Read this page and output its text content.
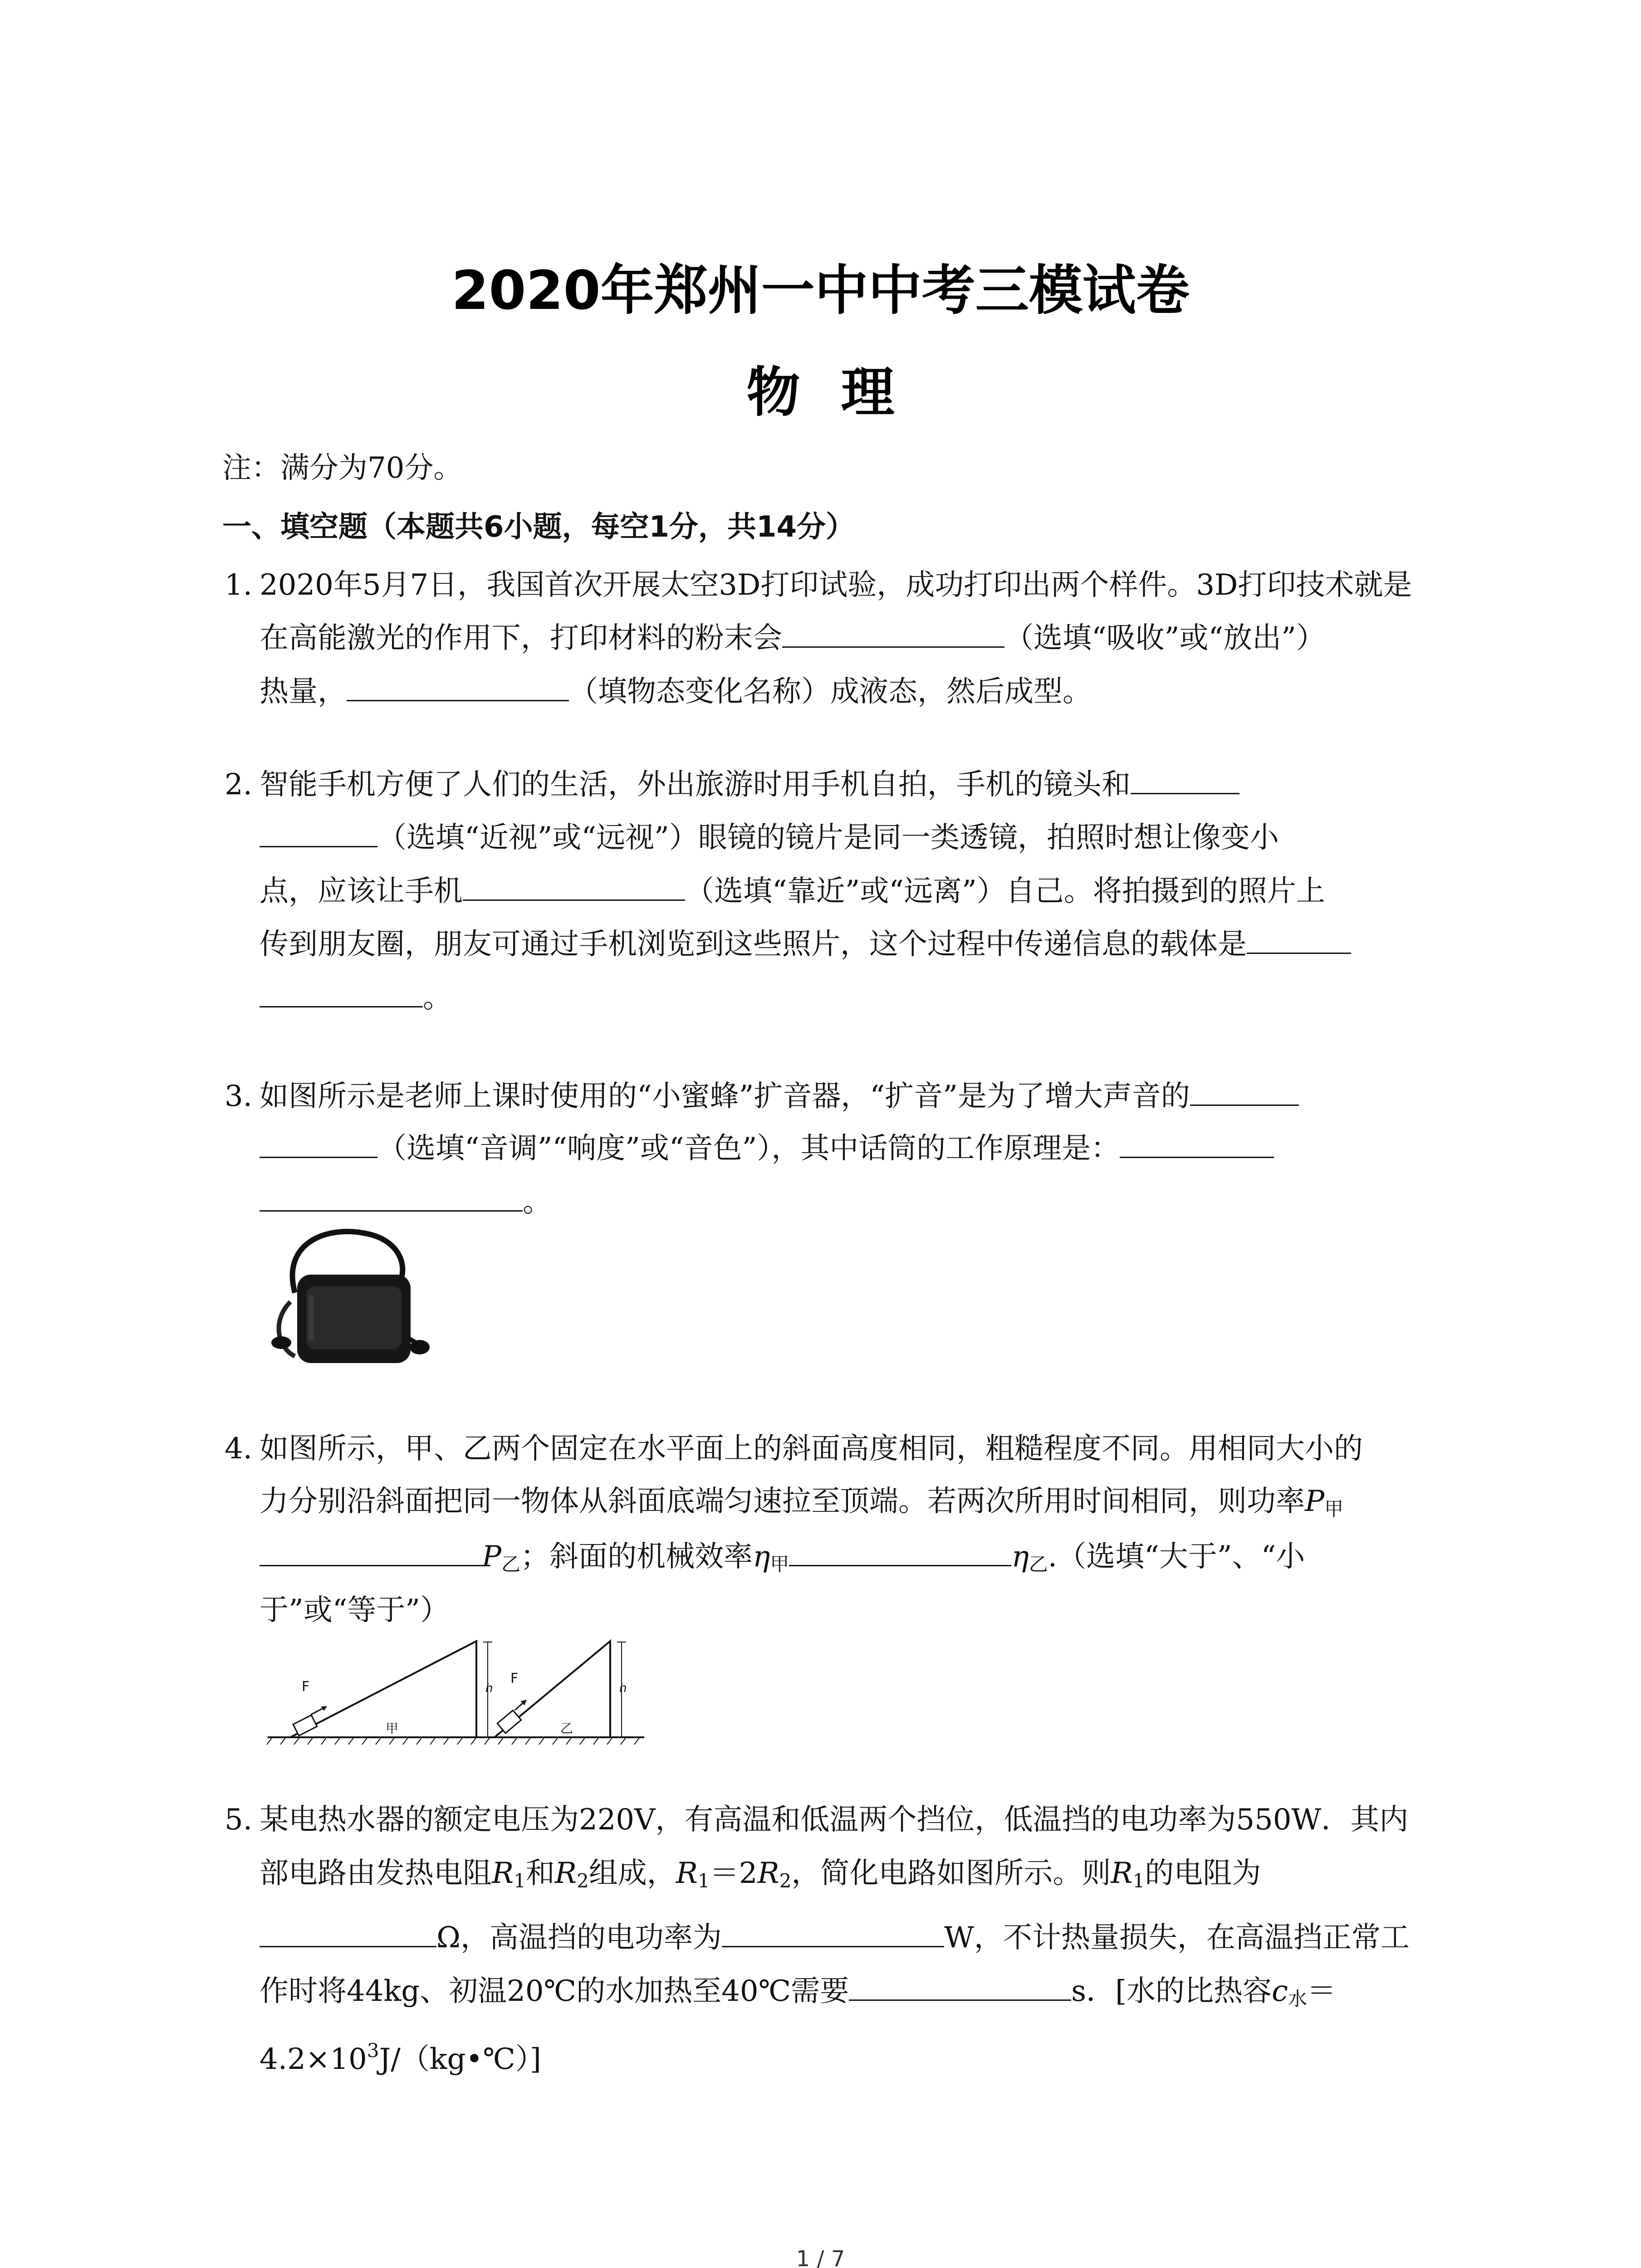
2020年郑州一中中考三模试卷
物理
注：满分为70分。
一、填空题（本题共6小题，每空1分，共14分）
1. 2020年5月7日，我国首次开展太空3D打印试验，成功打印出两个样件。3D打印技术就是
在高能激光的作用下，打印材料的粉末会	（选填“吸收”或“放出”）
热量，	（填物态变化名称）成液态，然后成型。
2. 智能手机方便了人们的生活，外出旅游时用手机自拍，手机的镜头和
（选填“近视”或“远视”）眼镜的镜片是同一类透镜，拍照时想让像变小
点，应该让手机	（选填“靠近”或“远离”）自己。将拍摄到的照片上
传到朋友圈，朋友可通过手机浏览到这些照片，这个过程中传递信息的载体是
。
3. 如图所示是老师上课时使用的“小蜜蜂”扩音器，“扩音”是为了增大声音的
（选填“音调”“响度”或“音色”），其中话筒的工作原理是：
。
4. 如图所示，甲、乙两个固定在水平面上的斜面高度相同，粗糙程度不同。用相同大小的
力分别沿斜面把同一物体从斜面底端匀速拉至顶端。若两次所用时间相同，则功率$P_甲$
$P_乙$；斜面的机械效率$\eta_甲$	$\eta_乙$.（选填“大于”、“小
于”或“等于”）
F	h
甲
F
h
乙
5. 某电热水器的额定电压为220V，有高温和低温两个挡位，低温挡的电功率为550W．其内
部电路由发热电阻$R_1$和$R_2$组成，$R_1=2R_2$，简化电路如图所示。则$R_1$的电阻为
Ω，高温挡的电功率为	W，不计热量损失，在高温挡正常工
作时将44kg、初温20℃的水加热至40℃需要	s．[水的比热容$c_水=$
$4.2\times 10^3J/(kg•℃)$]
1 / 7
